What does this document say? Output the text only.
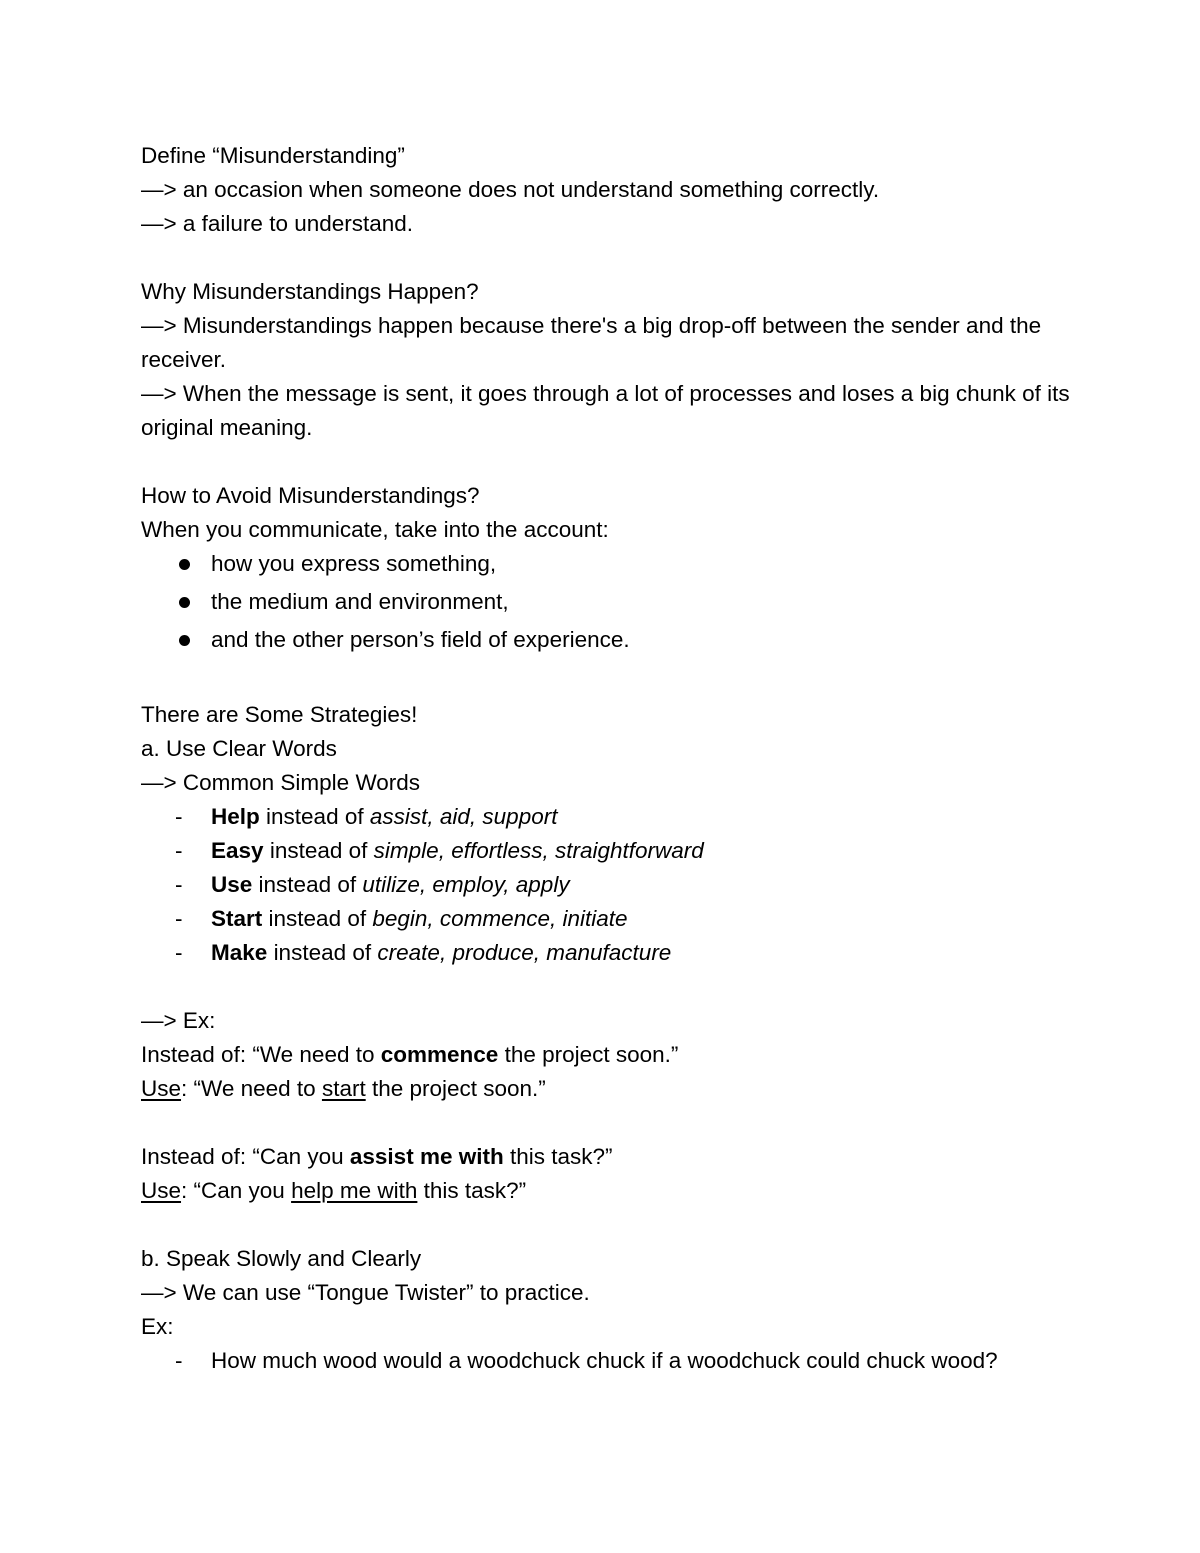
Define “Misunderstanding”
—> an occasion when someone does not understand something correctly.
—> a failure to understand.
Why Misunderstandings Happen?
—> Misunderstandings happen because there's a big drop-off between the sender and the receiver.
—> When the message is sent, it goes through a lot of processes and loses a big chunk of its original meaning.
How to Avoid Misunderstandings?
When you communicate, take into the account:
how you express something,
the medium and environment,
and the other person’s field of experience.
There are Some Strategies!
a. Use Clear Words
—> Common Simple Words
- Help instead of assist, aid, support
- Easy instead of simple, effortless, straightforward
- Use instead of utilize, employ, apply
- Start instead of begin, commence, initiate
- Make instead of create, produce, manufacture
—> Ex:
Instead of: “We need to commence the project soon.”
Use: “We need to start the project soon.”
Instead of: “Can you assist me with this task?”
Use: “Can you help me with this task?”
b. Speak Slowly and Clearly
—> We can use “Tongue Twister” to practice.
Ex:
- How much wood would a woodchuck chuck if a woodchuck could chuck wood?
